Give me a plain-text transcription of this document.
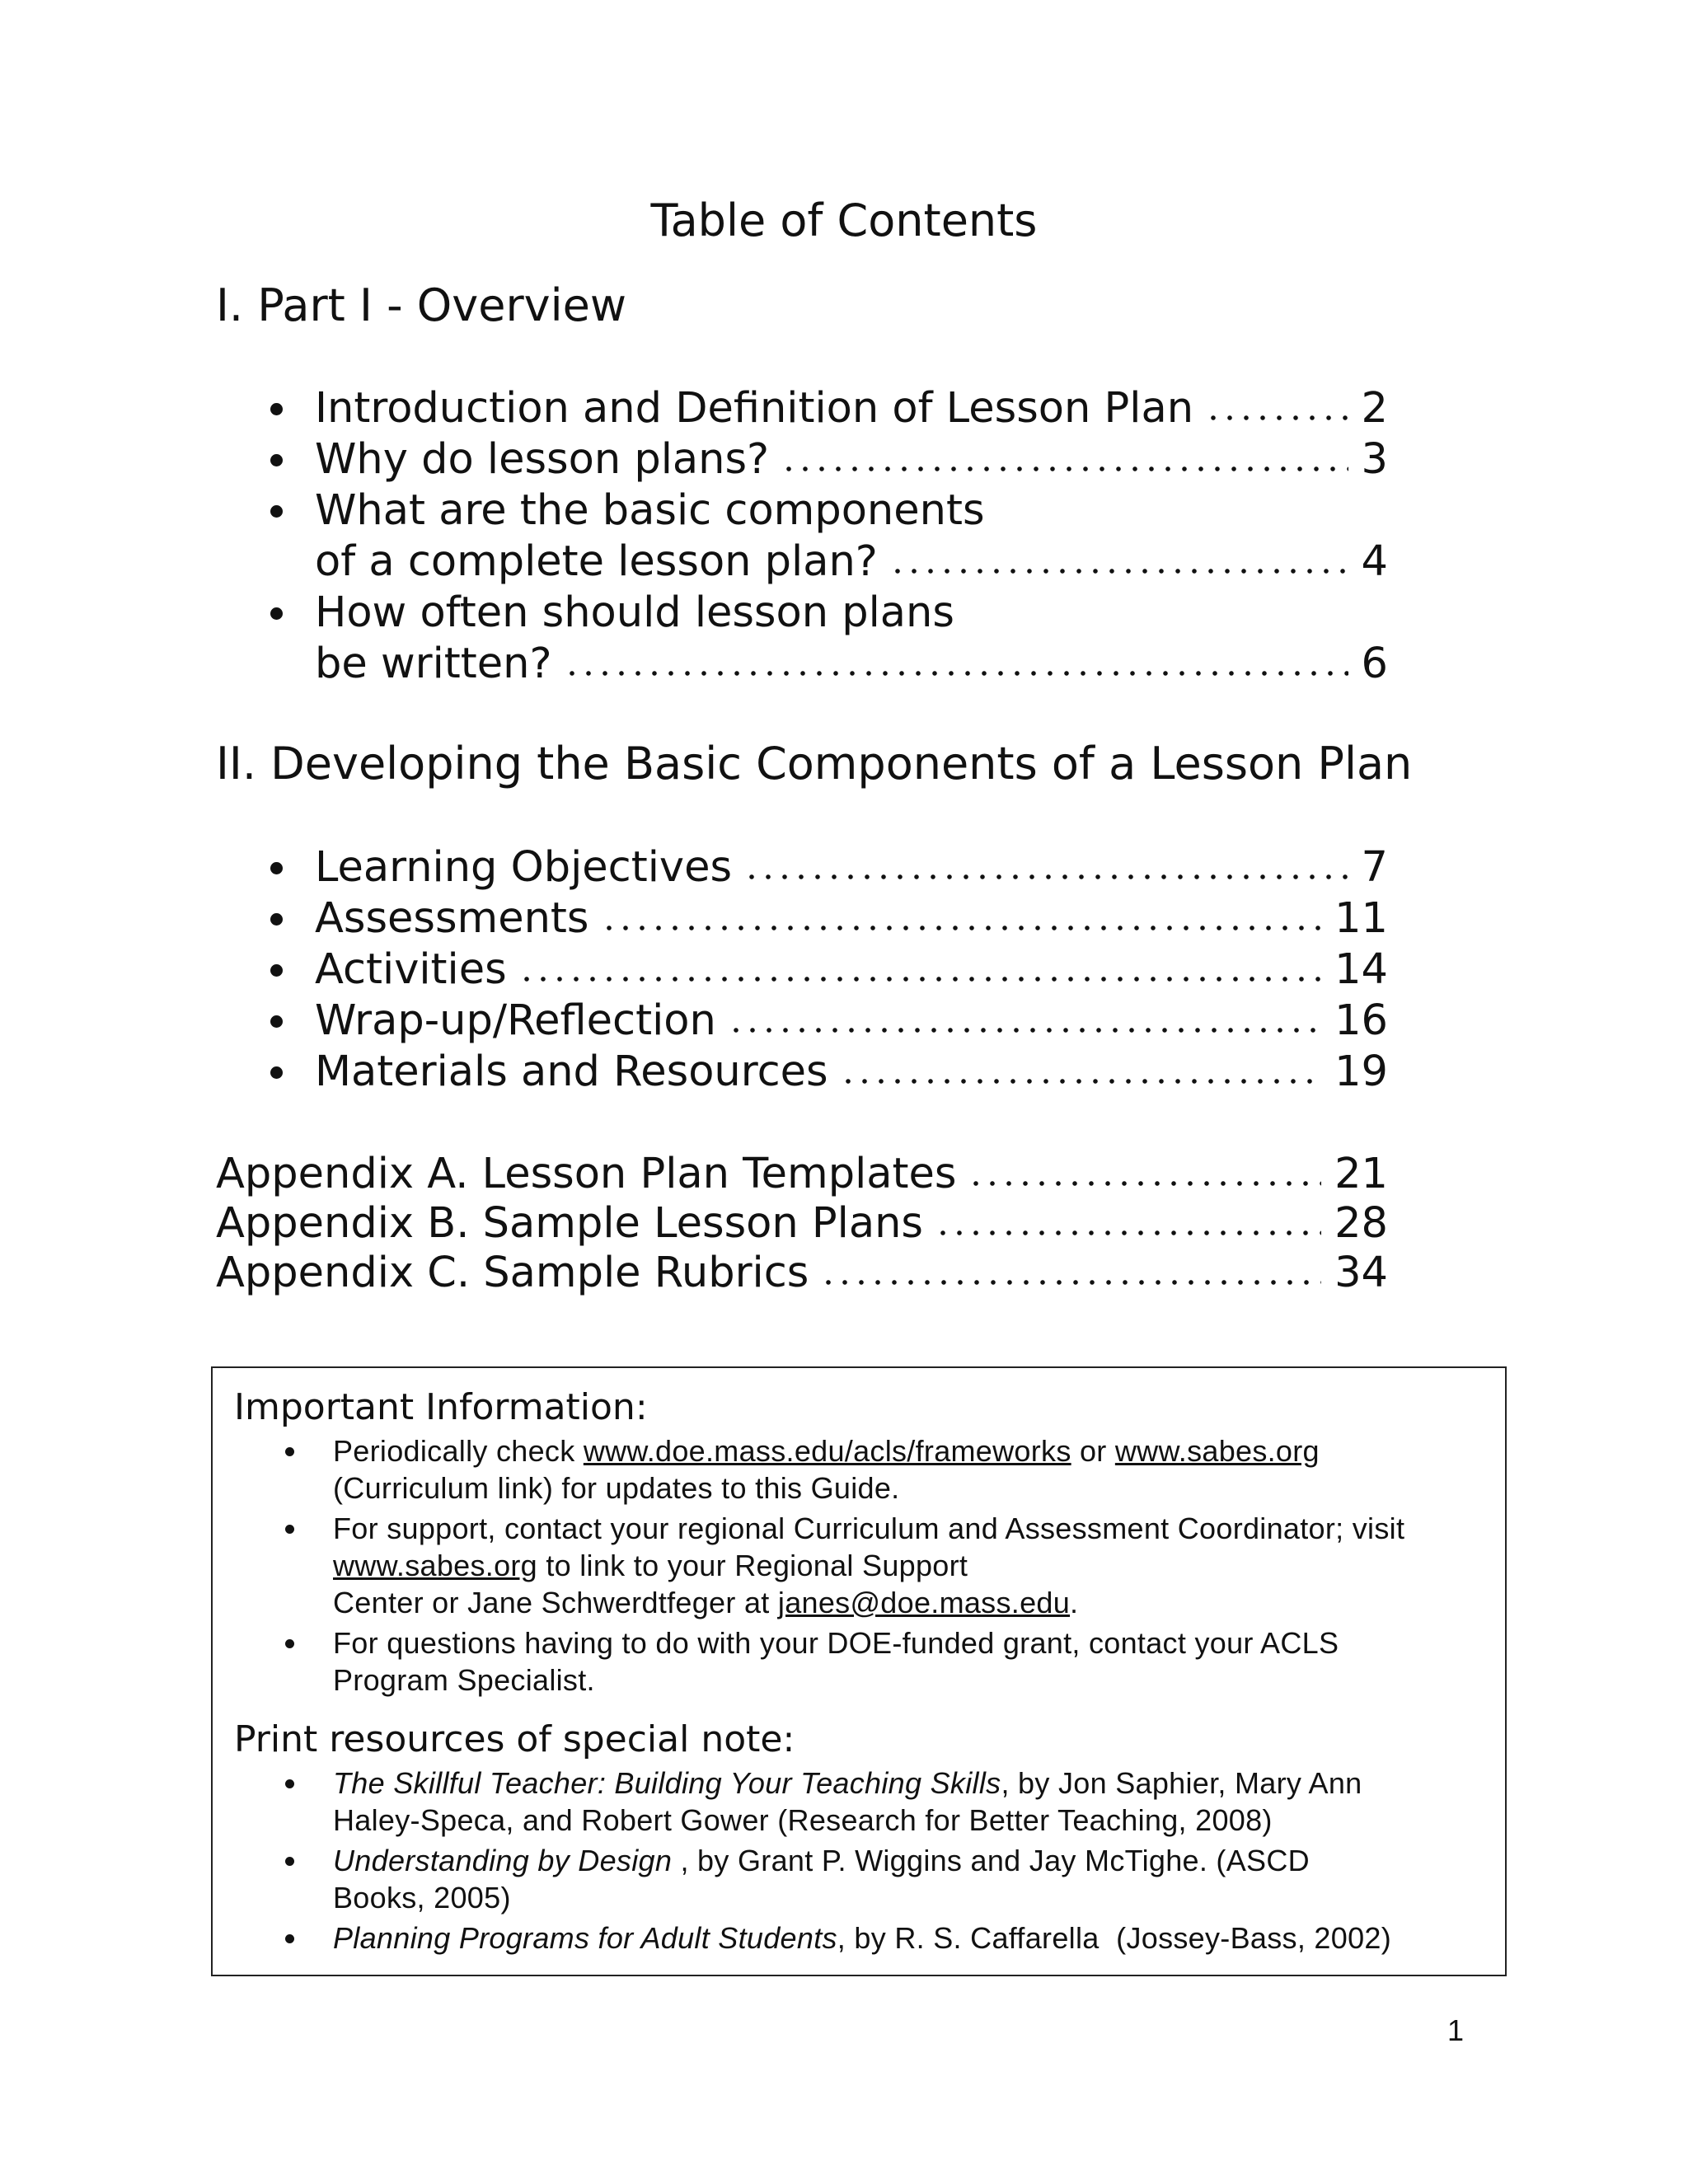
Table of Contents
I. Part I - Overview
Introduction and Definition of Lesson Plan	2
Why do lesson plans?	3
What are the basic components
of a complete lesson plan?	4
How often should lesson plans
be written?	6
II. Developing the Basic Components of a Lesson Plan
Learning Objectives	7
Assessments	11
Activities	14
Wrap-up/Reflection	16
Materials and Resources	19
Appendix A. Lesson Plan Templates	21
Appendix B. Sample Lesson Plans	28
Appendix C. Sample Rubrics	34
Important Information:
Periodically check www.doe.mass.edu/acls/frameworks or www.sabes.org
(Curriculum link) for updates to this Guide.
For support, contact your regional Curriculum and Assessment Coordinator; visit
www.sabes.org to link to your Regional Support
Center or Jane Schwerdtfeger at janes@doe.mass.edu.
For questions having to do with your DOE-funded grant, contact your ACLS
Program Specialist.
Print resources of special note:
The Skillful Teacher: Building Your Teaching Skills, by Jon Saphier, Mary Ann
Haley-Speca, and Robert Gower (Research for Better Teaching, 2008)
Understanding by Design , by Grant P. Wiggins and Jay McTighe. (ASCD
Books, 2005)
Planning Programs for Adult Students, by R. S. Caffarella  (Jossey-Bass, 2002)
1
